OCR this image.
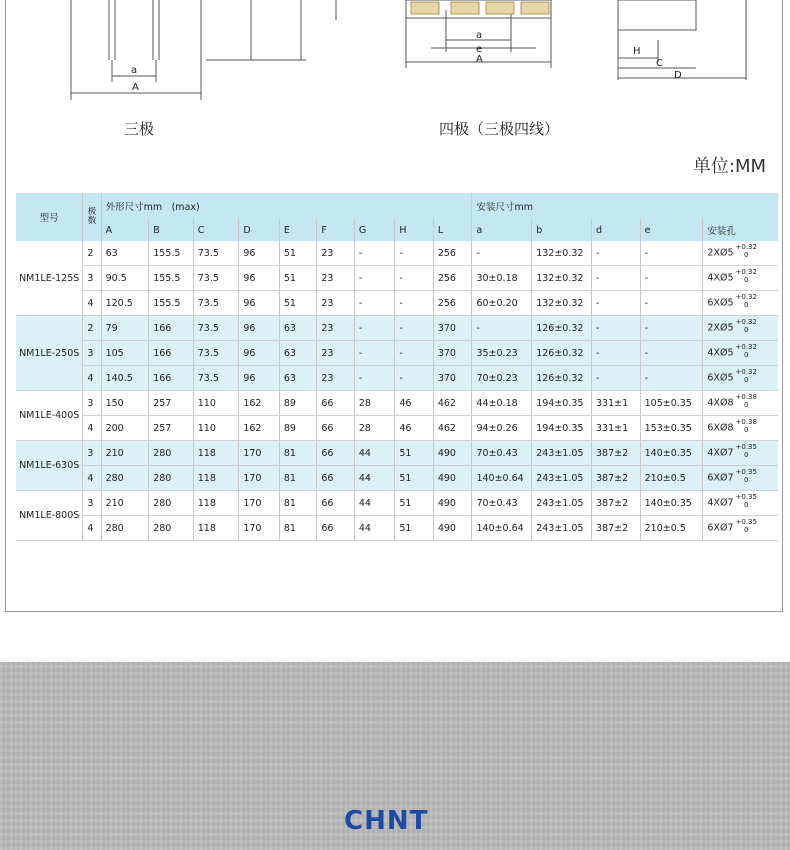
a
A
a
e
A
H
C
D
三极	四极（三极四线）
单位:MM
型号	极数	外形尺寸mm　(max)									安装尺寸mm				
		A	B	C	D	E	F	G	H	L	a	b	d	e	安装孔
NM1LE-125S	2	63	155.5	73.5	96	51	23	-	-	256	-	132±0.32	-	-	2XØ5
+0.32
0

	3	90.5	155.5	73.5	96	51	23	-	-	256	30±0.18	132±0.32	-	-	4XØ5
+0.32
0

	4	120.5	155.5	73.5	96	51	23	-	-	256	60±0.20	132±0.32	-	-	6XØ5
+0.32
0

NM1LE-250S	2	79	166	73.5	96	63	23	-	-	370	-	126±0.32	-	-	2XØ5
+0.32
0

	3	105	166	73.5	96	63	23	-	-	370	35±0.23	126±0.32	-	-	4XØ5
+0.32
0

	4	140.5	166	73.5	96	63	23	-	-	370	70±0.23	126±0.32	-	-	6XØ5
+0.32
0

NM1LE-400S	3	150	257	110	162	89	66	28	46	462	44±0.18	194±0.35	331±1	105±0.35	4XØ8
+0.38
0

	4	200	257	110	162	89	66	28	46	462	94±0.26	194±0.35	331±1	153±0.35	6XØ8
+0.38
0

NM1LE-630S	3	210	280	118	170	81	66	44	51	490	70±0.43	243±1.05	387±2	140±0.35	4XØ7
+0.35
0

	4	280	280	118	170	81	66	44	51	490	140±0.64	243±1.05	387±2	210±0.5	6XØ7
+0.35
0

NM1LE-800S	3	210	280	118	170	81	66	44	51	490	70±0.43	243±1.05	387±2	140±0.35	4XØ7
+0.35
0

	4	280	280	118	170	81	66	44	51	490	140±0.64	243±1.05	387±2	210±0.5	6XØ7
+0.35
0
CHNT
